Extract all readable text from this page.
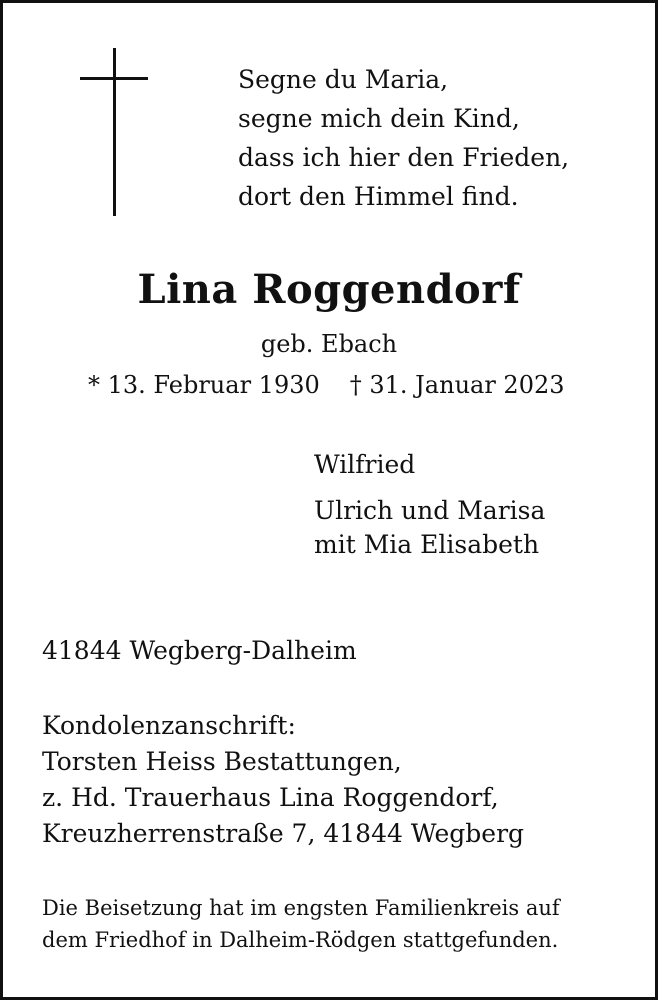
Segne du Maria,
segne mich dein Kind,
dass ich hier den Frieden,
dort den Himmel find.
Lina Roggendorf
geb. Ebach
* 13. Februar 1930 † 31. Januar 2023
Wilfried
Ulrich und Marisa
mit Mia Elisabeth
41844 Wegberg-Dalheim
Kondolenzanschrift:
Torsten Heiss Bestattungen,
z. Hd. Trauerhaus Lina Roggendorf,
Kreuzherrenstraße 7, 41844 Wegberg
Die Beisetzung hat im engsten Familienkreis auf
dem Friedhof in Dalheim-Rödgen stattgefunden.
